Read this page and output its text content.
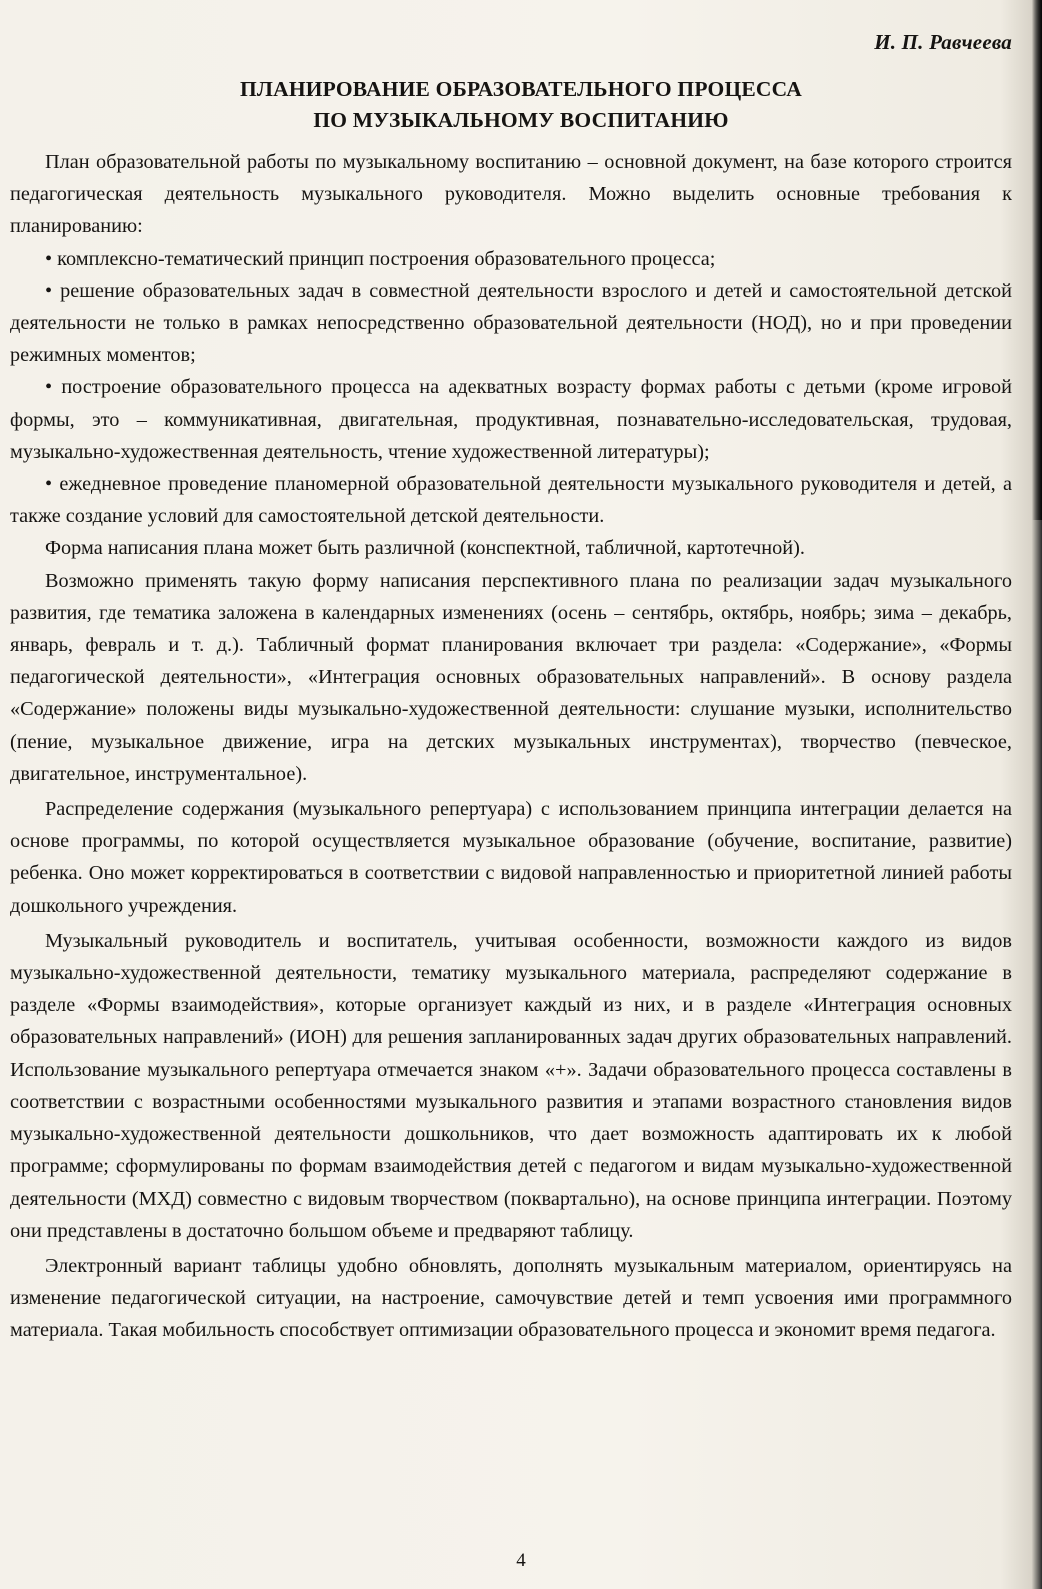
И. П. Равчеева
ПЛАНИРОВАНИЕ ОБРАЗОВАТЕЛЬНОГО ПРОЦЕССА
ПО МУЗЫКАЛЬНОМУ ВОСПИТАНИЮ

План образовательной работы по музыкальному воспитанию – основной документ, на базе которого строится педагогическая деятельность музыкального руководителя. Можно выделить основные требования к планированию:

• комплексно-тематический принцип построения образовательного процесса;

• решение образовательных задач в совместной деятельности взрослого и детей и самостоятельной детской деятельности не только в рамках непосредственно образовательной деятельности (НОД), но и при проведении режимных моментов;

• построение образовательного процесса на адекватных возрасту формах работы с детьми (кроме игровой формы, это – коммуникативная, двигательная, продуктивная, познавательно-исследовательская, трудовая, музыкально-художественная деятельность, чтение художественной литературы);

• ежедневное проведение планомерной образовательной деятельности музыкального руководителя и детей, а также создание условий для самостоятельной детской деятельности.

Форма написания плана может быть различной (конспектной, табличной, картотечной).

Возможно применять такую форму написания перспективного плана по реализации задач музыкального развития, где тематика заложена в календарных изменениях (осень – сентябрь, октябрь, ноябрь; зима – декабрь, январь, февраль и т. д.). Табличный формат планирования включает три раздела: «Содержание», «Формы педагогической деятельности», «Интеграция основных образовательных направлений». В основу раздела «Содержание» положены виды музыкально-художественной деятельности: слушание музыки, исполнительство (пение, музыкальное движение, игра на детских музыкальных инструментах), творчество (певческое, двигательное, инструментальное).

Распределение содержания (музыкального репертуара) с использованием принципа интеграции делается на основе программы, по которой осуществляется музыкальное образование (обучение, воспитание, развитие) ребенка. Оно может корректироваться в соответствии с видовой направленностью и приоритетной линией работы дошкольного учреждения.

Музыкальный руководитель и воспитатель, учитывая особенности, возможности каждого из видов музыкально-художественной деятельности, тематику музыкального материала, распределяют содержание в разделе «Формы взаимодействия», которые организует каждый из них, и в разделе «Интеграция основных образовательных направлений» (ИОН) для решения запланированных задач других образовательных направлений. Использование музыкального репертуара отмечается знаком «+». Задачи образовательного процесса составлены в соответствии с возрастными особенностями музыкального развития и этапами возрастного становления видов музыкально-художественной деятельности дошкольников, что дает возможность адаптировать их к любой программе; сформулированы по формам взаимодействия детей с педагогом и видам музыкально-художественной деятельности (МХД) совместно с видовым творчеством (поквартально), на основе принципа интеграции. Поэтому они представлены в достаточно большом объеме и предваряют таблицу.

Электронный вариант таблицы удобно обновлять, дополнять музыкальным материалом, ориентируясь на изменение педагогической ситуации, на настроение, самочувствие детей и темп усвоения ими программного материала. Такая мобильность способствует оптимизации образовательного процесса и экономит время педагога.

4
